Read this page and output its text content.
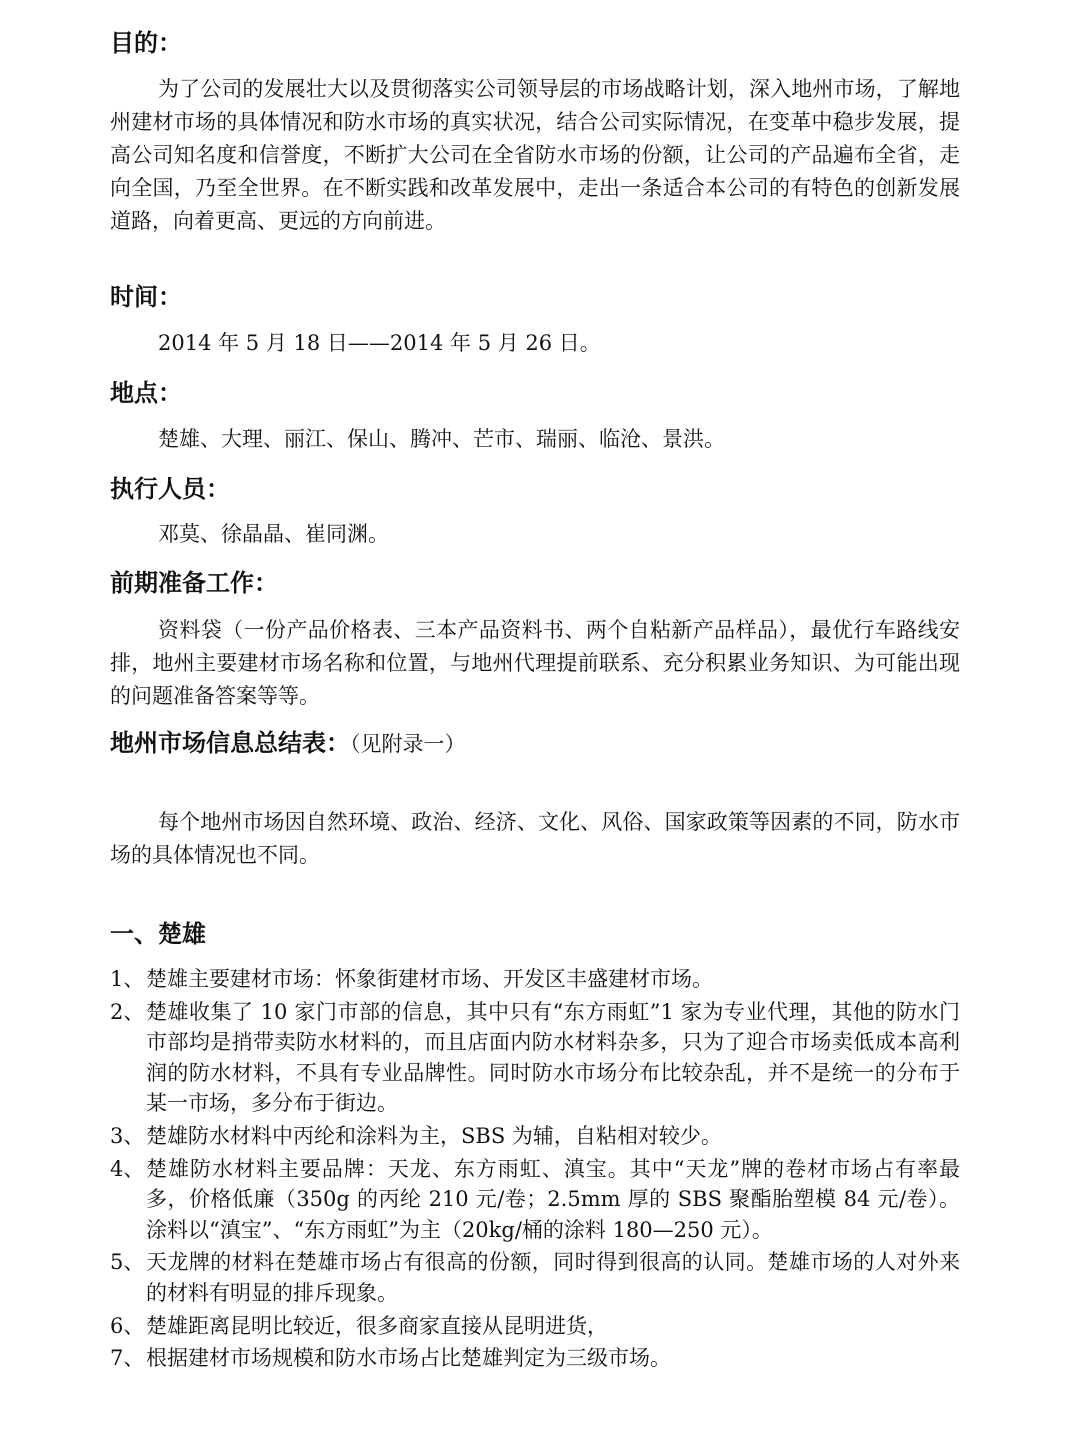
目的：

为了公司的发展壮大以及贯彻落实公司领导层的市场战略计划，深入地州市场，了解地州建材市场的具体情况和防水市场的真实状况，结合公司实际情况，在变革中稳步发展，提高公司知名度和信誉度，不断扩大公司在全省防水市场的份额，让公司的产品遍布全省，走向全国，乃至全世界。在不断实践和改革发展中，走出一条适合本公司的有特色的创新发展道路，向着更高、更远的方向前进。

时间：

2014 年 5 月 18 日——2014 年 5 月 26 日。

地点：

楚雄、大理、丽江、保山、腾冲、芒市、瑞丽、临沧、景洪。

执行人员：

邓莫、徐晶晶、崔同渊。

前期准备工作：

资料袋（一份产品价格表、三本产品资料书、两个自粘新产品样品），最优行车路线安排，地州主要建材市场名称和位置，与地州代理提前联系、充分积累业务知识、为可能出现的问题准备答案等等。

地州市场信息总结表：（见附录一）

每个地州市场因自然环境、政治、经济、文化、风俗、国家政策等因素的不同，防水市场的具体情况也不同。

一、楚雄
1、 楚雄主要建材市场：怀象街建材市场、开发区丰盛建材市场。
2、 楚雄收集了 10 家门市部的信息，其中只有“东方雨虹”1 家为专业代理，其他的防水门市部均是捎带卖防水材料的，而且店面内防水材料杂多，只为了迎合市场卖低成本高利润的防水材料，不具有专业品牌性。同时防水市场分布比较杂乱，并不是统一的分布于某一市场，多分布于街边。
3、 楚雄防水材料中丙纶和涂料为主，SBS 为辅，自粘相对较少。
4、 楚雄防水材料主要品牌：天龙、东方雨虹、滇宝。其中“天龙”牌的卷材市场占有率最多，价格低廉（350g 的丙纶 210 元/卷；2.5mm 厚的 SBS 聚酯胎塑模 84 元/卷）。涂料以“滇宝”、“东方雨虹”为主（20kg/桶的涂料 180—250 元）。
5、 天龙牌的材料在楚雄市场占有很高的份额，同时得到很高的认同。楚雄市场的人对外来的材料有明显的排斥现象。
6、 楚雄距离昆明比较近，很多商家直接从昆明进货，
7、 根据建材市场规模和防水市场占比楚雄判定为三级市场。
